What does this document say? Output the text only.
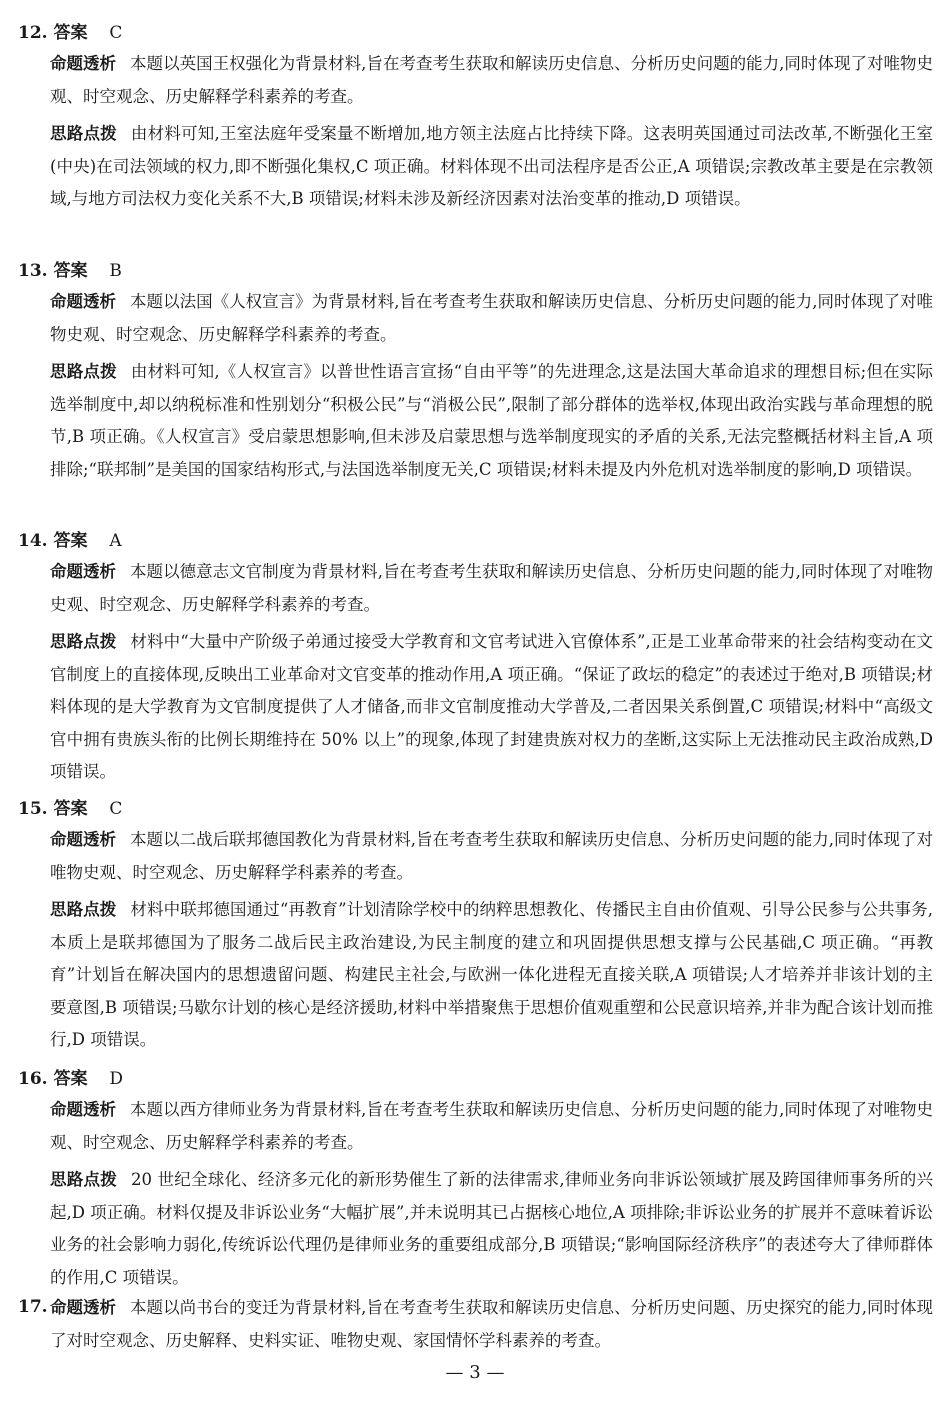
12. 答案 C
命题透析 本题以英国王权强化为背景材料,旨在考查考生获取和解读历史信息、分析历史问题的能力,同时体现了对唯物史观、时空观念、历史解释学科素养的考查。
思路点拨 由材料可知,王室法庭年受案量不断增加,地方领主法庭占比持续下降。这表明英国通过司法改革,不断强化王室(中央)在司法领域的权力,即不断强化集权,C 项正确。材料体现不出司法程序是否公正,A 项错误;宗教改革主要是在宗教领域,与地方司法权力变化关系不大,B 项错误;材料未涉及新经济因素对法治变革的推动,D 项错误。
13. 答案 B
命题透析 本题以法国《人权宣言》为背景材料,旨在考查考生获取和解读历史信息、分析历史问题的能力,同时体现了对唯物史观、时空观念、历史解释学科素养的考查。
思路点拨 由材料可知,《人权宣言》以普世性语言宣扬“自由平等”的先进理念,这是法国大革命追求的理想目标;但在实际选举制度中,却以纳税标准和性别划分“积极公民”与“消极公民”,限制了部分群体的选举权,体现出政治实践与革命理想的脱节,B 项正确。《人权宣言》受启蒙思想影响,但未涉及启蒙思想与选举制度现实的矛盾的关系,无法完整概括材料主旨,A 项排除;“联邦制”是美国的国家结构形式,与法国选举制度无关,C 项错误;材料未提及内外危机对选举制度的影响,D 项错误。
14. 答案 A
命题透析 本题以德意志文官制度为背景材料,旨在考查考生获取和解读历史信息、分析历史问题的能力,同时体现了对唯物史观、时空观念、历史解释学科素养的考查。
思路点拨 材料中“大量中产阶级子弟通过接受大学教育和文官考试进入官僚体系”,正是工业革命带来的社会结构变动在文官制度上的直接体现,反映出工业革命对文官变革的推动作用,A 项正确。“保证了政坛的稳定”的表述过于绝对,B 项错误;材料体现的是大学教育为文官制度提供了人才储备,而非文官制度推动大学普及,二者因果关系倒置,C 项错误;材料中“高级文官中拥有贵族头衔的比例长期维持在 50% 以上”的现象,体现了封建贵族对权力的垄断,这实际上无法推动民主政治成熟,D 项错误。
15. 答案 C
命题透析 本题以二战后联邦德国教化为背景材料,旨在考查考生获取和解读历史信息、分析历史问题的能力,同时体现了对唯物史观、时空观念、历史解释学科素养的考查。
思路点拨 材料中联邦德国通过“再教育”计划清除学校中的纳粹思想教化、传播民主自由价值观、引导公民参与公共事务,本质上是联邦德国为了服务二战后民主政治建设,为民主制度的建立和巩固提供思想支撑与公民基础,C 项正确。“再教育”计划旨在解决国内的思想遗留问题、构建民主社会,与欧洲一体化进程无直接关联,A 项错误;人才培养并非该计划的主要意图,B 项错误;马歇尔计划的核心是经济援助,材料中举措聚焦于思想价值观重塑和公民意识培养,并非为配合该计划而推行,D 项错误。
16. 答案 D
命题透析 本题以西方律师业务为背景材料,旨在考查考生获取和解读历史信息、分析历史问题的能力,同时体现了对唯物史观、时空观念、历史解释学科素养的考查。
思路点拨 20 世纪全球化、经济多元化的新形势催生了新的法律需求,律师业务向非诉讼领域扩展及跨国律师事务所的兴起,D 项正确。材料仅提及非诉讼业务“大幅扩展”,并未说明其已占据核心地位,A 项排除;非诉讼业务的扩展并不意味着诉讼业务的社会影响力弱化,传统诉讼代理仍是律师业务的重要组成部分,B 项错误;“影响国际经济秩序”的表述夸大了律师群体的作用,C 项错误。
17. 命题透析 本题以尚书台的变迁为背景材料,旨在考查考生获取和解读历史信息、分析历史问题、历史探究的能力,同时体现了对时空观念、历史解释、史料实证、唯物史观、家国情怀学科素养的考查。
— 3 —
